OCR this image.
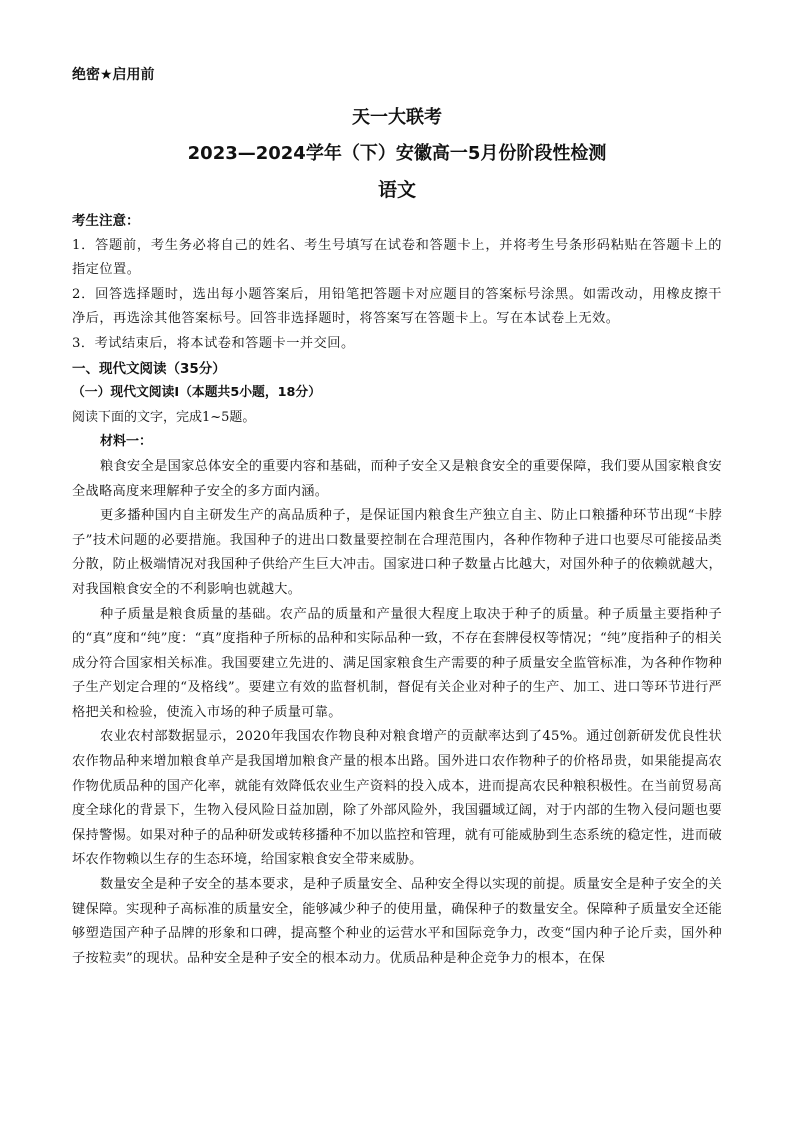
绝密★启用前
天一大联考
2023—2024学年（下）安徽高一5月份阶段性检测
语文
考生注意：

1．答题前，考生务必将自己的姓名、考生号填写在试卷和答题卡上，并将考生号条形码粘贴在答题卡上的指定位置。

2．回答选择题时，选出每小题答案后，用铅笔把答题卡对应题目的答案标号涂黑。如需改动，用橡皮擦干净后，再选涂其他答案标号。回答非选择题时，将答案写在答题卡上。写在本试卷上无效。

3．考试结束后，将本试卷和答题卡一并交回。

一、现代文阅读（35分）

（一）现代文阅读Ⅰ（本题共5小题，18分）

阅读下面的文字，完成1~5题。

材料一：

粮食安全是国家总体安全的重要内容和基础，而种子安全又是粮食安全的重要保障，我们要从国家粮食安全战略高度来理解种子安全的多方面内涵。

更多播种国内自主研发生产的高品质种子，是保证国内粮食生产独立自主、防止口粮播种环节出现“卡脖子”技术问题的必要措施。我国种子的进出口数量要控制在合理范围内，各种作物种子进口也要尽可能接品类分散，防止极端情况对我国种子供给产生巨大冲击。国家进口种子数量占比越大，对国外种子的依赖就越大，对我国粮食安全的不利影响也就越大。

种子质量是粮食质量的基础。农产品的质量和产量很大程度上取决于种子的质量。种子质量主要指种子的“真”度和“纯”度：“真”度指种子所标的品种和实际品种一致，不存在套牌侵权等情况；“纯”度指种子的相关成分符合国家相关标准。我国要建立先进的、满足国家粮食生产需要的种子质量安全监管标准，为各种作物种子生产划定合理的“及格线”。要建立有效的监督机制，督促有关企业对种子的生产、加工、进口等环节进行严格把关和检验，使流入市场的种子质量可靠。

农业农村部数据显示，2020年我国农作物良种对粮食增产的贡献率达到了45%。通过创新研发优良性状农作物品种来增加粮食单产是我国增加粮食产量的根本出路。国外进口农作物种子的价格昂贵，如果能提高农作物优质品种的国产化率，就能有效降低农业生产资料的投入成本，进而提高农民种粮积极性。在当前贸易高度全球化的背景下，生物入侵风险日益加剧，除了外部风险外，我国疆域辽阔，对于内部的生物入侵问题也要保持警惕。如果对种子的品种研发或转移播种不加以监控和管理，就有可能威胁到生态系统的稳定性，进而破坏农作物赖以生存的生态环境，给国家粮食安全带来威胁。

数量安全是种子安全的基本要求，是种子质量安全、品种安全得以实现的前提。质量安全是种子安全的关键保障。实现种子高标准的质量安全，能够减少种子的使用量，确保种子的数量安全。保障种子质量安全还能够塑造国产种子品牌的形象和口碑，提高整个种业的运营水平和国际竞争力，改变“国内种子论斤卖，国外种子按粒卖”的现状。品种安全是种子安全的根本动力。优质品种是种企竞争力的根本，在保
